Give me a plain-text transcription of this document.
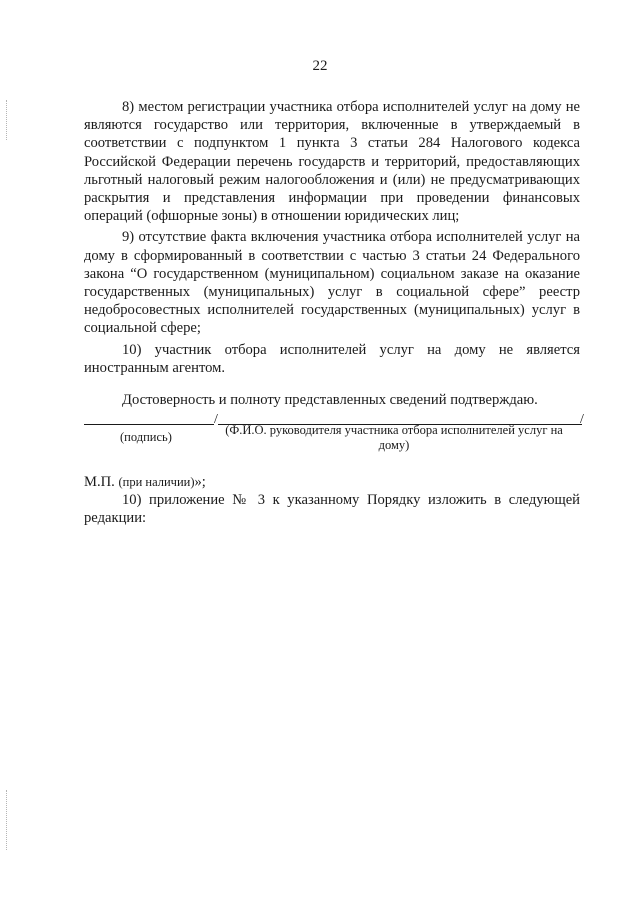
22

8) местом регистрации участника отбора исполнителей услуг на дому не являются государство или территория, включенные в утверждаемый в соответствии с подпунктом 1 пункта 3 статьи 284 Налогового кодекса Российской Федерации перечень государств и территорий, предоставляющих льготный налоговый режим налогообложения и (или) не предусматривающих раскрытия и представления информации при проведении финансовых операций (офшорные зоны) в отношении юридических лиц;

9) отсутствие факта включения участника отбора исполнителей услуг на дому в сформированный в соответствии с частью 3 статьи 24 Федерального закона “О государственном (муниципальном) социальном заказе на оказание государственных (муниципальных) услуг в социальной сфере” реестр недобросовестных исполнителей государственных (муниципальных) услуг в социальной сфере;

10) участник отбора исполнителей услуг на дому не является иностранным агентом.

Достоверность и полноту представленных сведений подтверждаю.
/	/
(подпись)	(Ф.И.О. руководителя участника отбора исполнителей услуг на дому)
М.П. (при наличии)»;

10) приложение № 3 к указанному Порядку изложить в следующей редакции:
